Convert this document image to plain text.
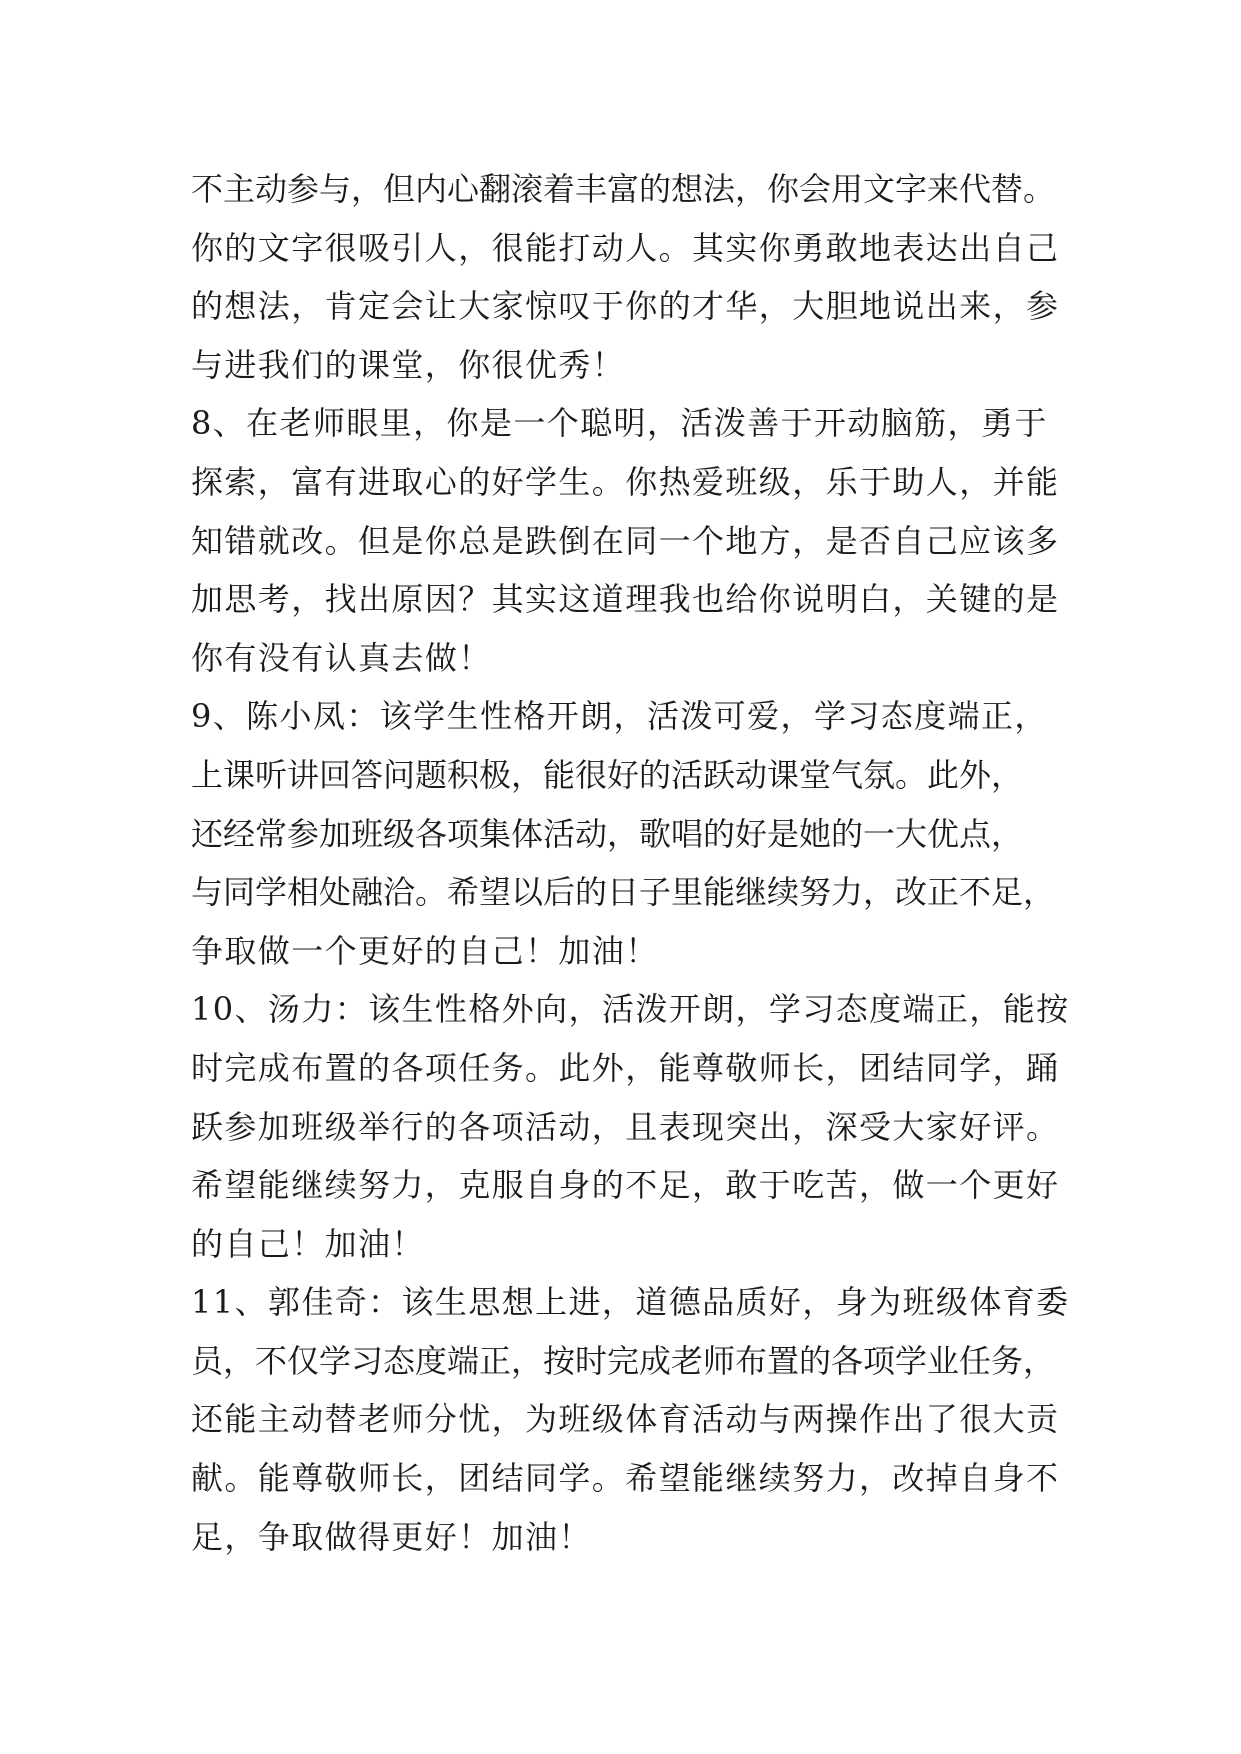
不主动参与，但内心翻滚着丰富的想法，你会用文字来代替。
你的文字很吸引人，很能打动人。其实你勇敢地表达出自己
的想法，肯定会让大家惊叹于你的才华，大胆地说出来，参
与进我们的课堂，你很优秀！
8、在老师眼里，你是一个聪明，活泼善于开动脑筋，勇于
探索，富有进取心的好学生。你热爱班级，乐于助人，并能
知错就改。但是你总是跌倒在同一个地方，是否自己应该多
加思考，找出原因？其实这道理我也给你说明白，关键的是
你有没有认真去做！
9、陈小凤：该学生性格开朗，活泼可爱，学习态度端正，
上课听讲回答问题积极，能很好的活跃动课堂气氛。此外，
还经常参加班级各项集体活动，歌唱的好是她的一大优点，
与同学相处融洽。希望以后的日子里能继续努力，改正不足，
争取做一个更好的自己！加油！
10、汤力：该生性格外向，活泼开朗，学习态度端正，能按
时完成布置的各项任务。此外，能尊敬师长，团结同学，踊
跃参加班级举行的各项活动，且表现突出，深受大家好评。
希望能继续努力，克服自身的不足，敢于吃苦，做一个更好
的自己！加油！
11、郭佳奇：该生思想上进，道德品质好，身为班级体育委
员，不仅学习态度端正，按时完成老师布置的各项学业任务，
还能主动替老师分忧，为班级体育活动与两操作出了很大贡
献。能尊敬师长，团结同学。希望能继续努力，改掉自身不
足，争取做得更好！加油！
